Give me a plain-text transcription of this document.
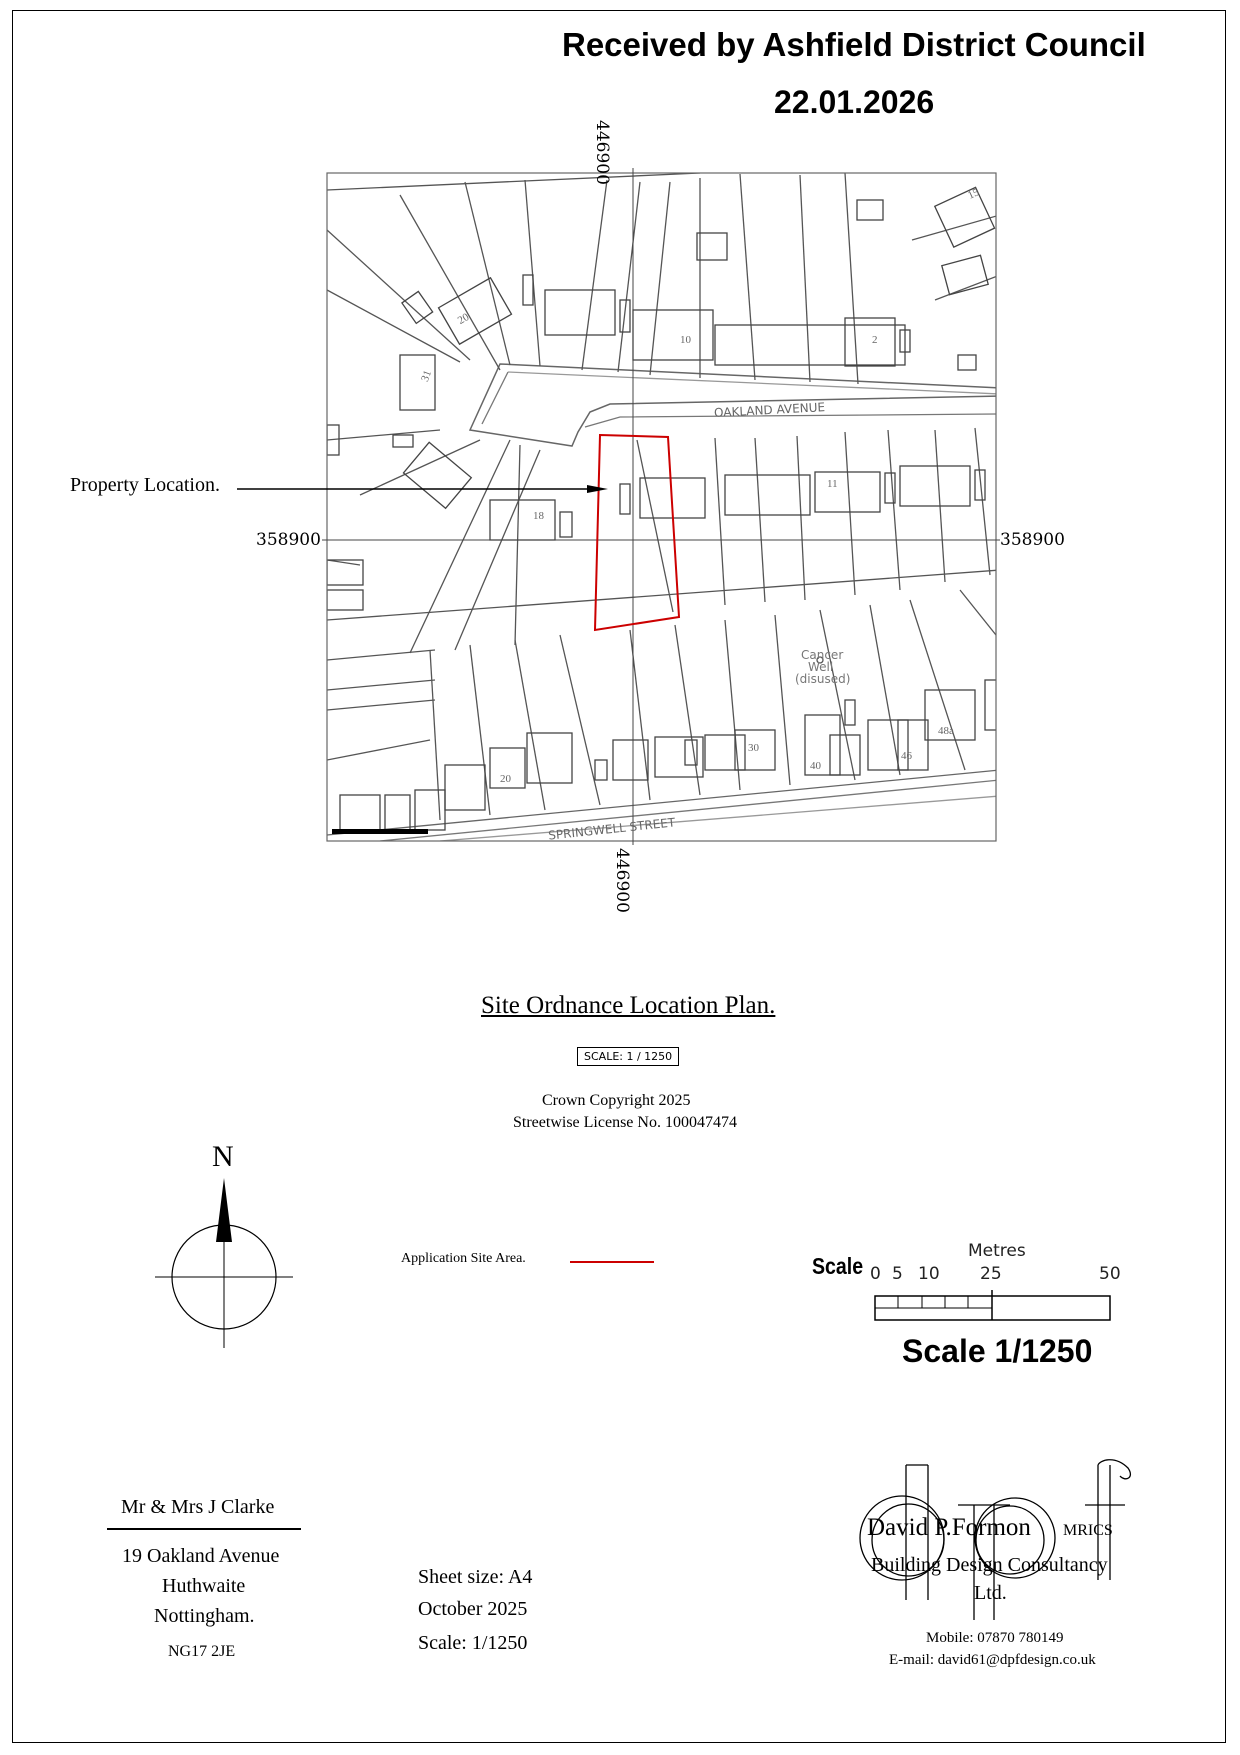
Received by Ashfield District Council
22.01.2026
446900
446900
358900	358900
OAKLAND AVENUE
SPRINGWELL STREET
Cancer
Well
(disused)
20
31
10	2
18
11
20
30
40
46
48a
15
Property Location.
Site Ordnance Location Plan.
SCALE: 1 / 1250
Crown Copyright 2025
Streetwise License No. 100047474
N
Application Site Area.	Scale
Metres
0 5 10 25	50
Scale 1/1250
Mr & Mrs J Clarke
19 Oakland Avenue
Huthwaite
Nottingham.
NG17 2JE
Sheet size: A4
October 2025
Scale: 1/1250
David P.Formon MRICS
Building Design Consultancy
Ltd.
Mobile: 07870 780149
E-mail: david61@dpfdesign.co.uk
